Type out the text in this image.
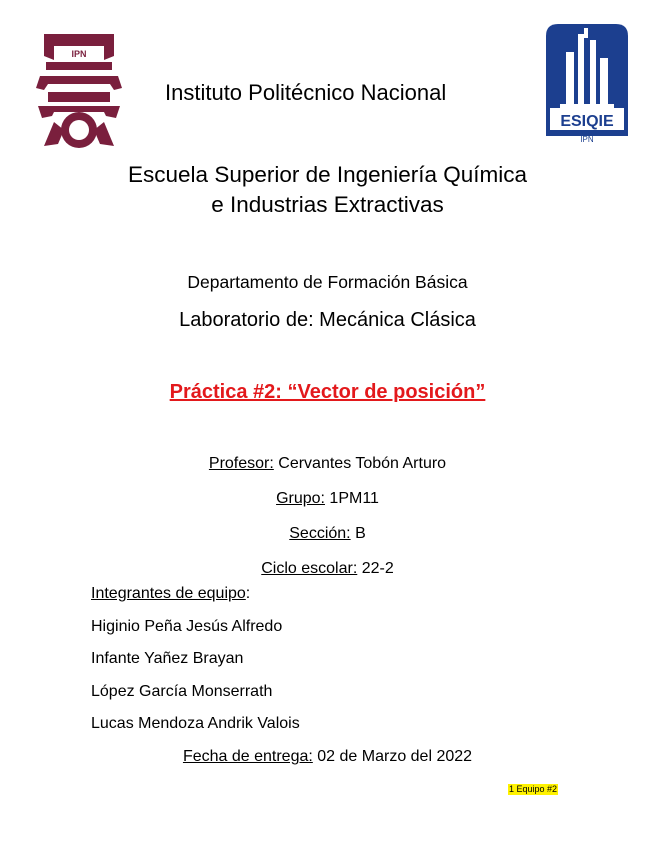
IPN
Instituto Politécnico Nacional
ESIQIE
IPN
Escuela Superior de Ingeniería Química
e Industrias Extractivas
Departamento de Formación Básica
Laboratorio de: Mecánica Clásica
Práctica #2: “Vector de posición”
Profesor: Cervantes Tobón Arturo
Grupo: 1PM11
Sección: B
Ciclo escolar: 22-2
Integrantes de equipo:
Higinio Peña Jesús Alfredo
Infante Yañez Brayan
López García Monserrath
Lucas Mendoza Andrik Valois
Fecha de entrega: 02 de Marzo del 2022
1 Equipo #2
